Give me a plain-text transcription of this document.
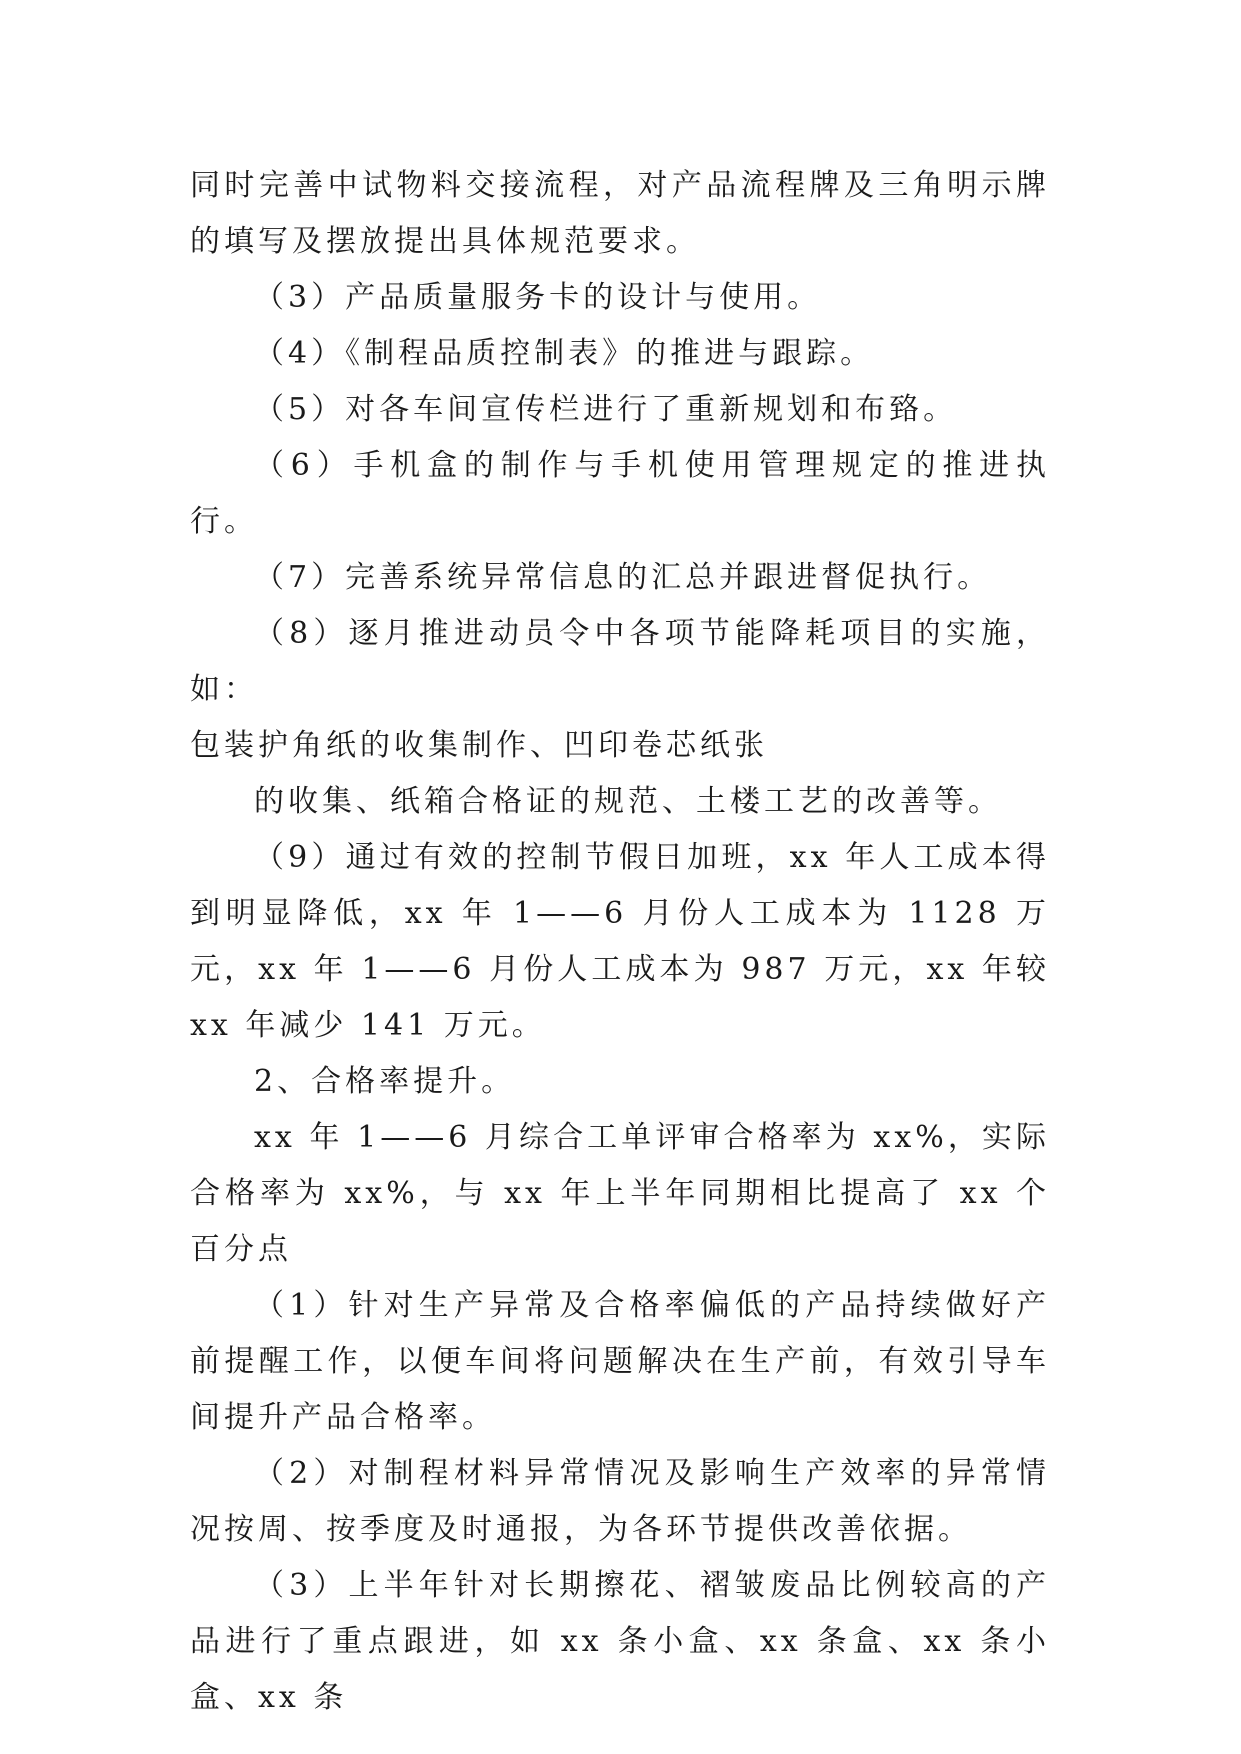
同时完善中试物料交接流程，对产品流程牌及三角明示牌的填写及摆放提出具体规范要求。

（3）产品质量服务卡的设计与使用。

（4）《制程品质控制表》的推进与跟踪。

（5）对各车间宣传栏进行了重新规划和布臵。

（6）手机盒的制作与手机使用管理规定的推进执行。

（7）完善系统异常信息的汇总并跟进督促执行。

（8）逐月推进动员令中各项节能降耗项目的实施，如：

包装护角纸的收集制作、凹印卷芯纸张

的收集、纸箱合格证的规范、土楼工艺的改善等。

（9）通过有效的控制节假日加班，xx 年人工成本得到明显降低，xx 年 1——6 月份人工成本为 1128 万元，xx 年 1——6 月份人工成本为 987 万元，xx 年较 xx 年减少 141 万元。

2、合格率提升。

xx 年 1——6 月综合工单评审合格率为 xx%，实际合格率为 xx%，与 xx 年上半年同期相比提高了 xx 个百分点

（1）针对生产异常及合格率偏低的产品持续做好产前提醒工作，以便车间将问题解决在生产前，有效引导车间提升产品合格率。

（2）对制程材料异常情况及影响生产效率的异常情况按周、按季度及时通报，为各环节提供改善依据。

（3）上半年针对长期擦花、褶皱废品比例较高的产品进行了重点跟进，如 xx 条小盒、xx 条盒、xx 条小盒、xx 条
